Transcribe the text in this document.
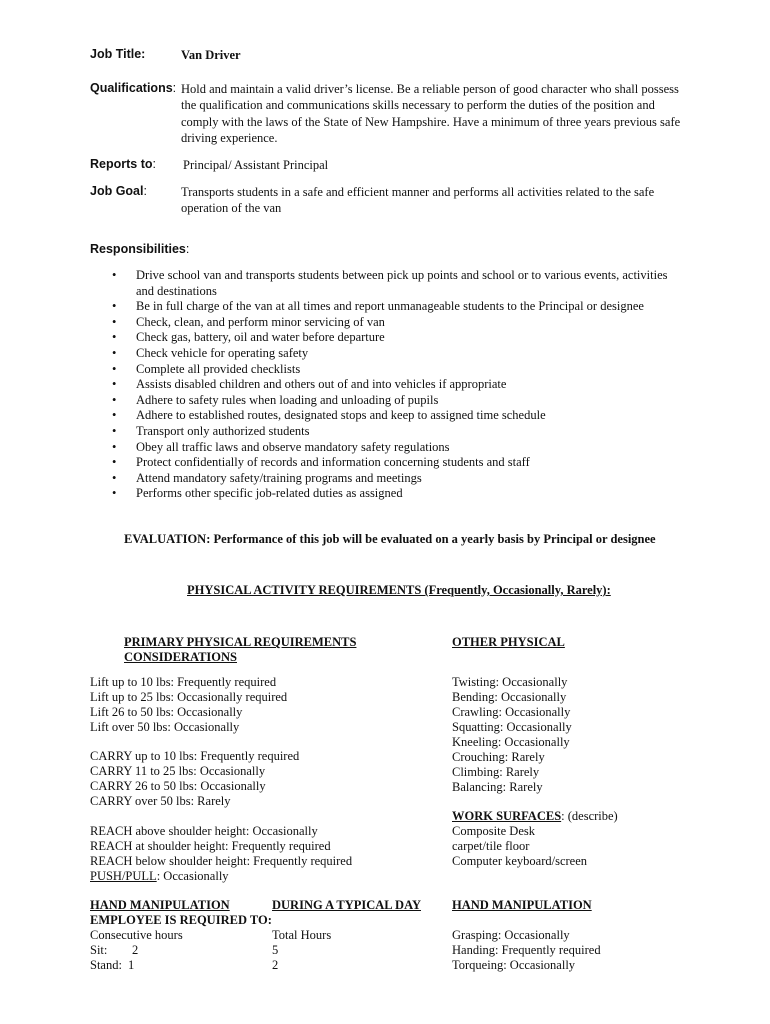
Job Title:	Van Driver
Qualifications: Hold and maintain a valid driver’s license. Be a reliable person of good character who shall possess the qualification and communications skills necessary to perform the duties of the position and comply with the laws of the State of New Hampshire. Have a minimum of three years previous safe driving experience.
Reports to: Principal/ Assistant Principal
Job Goal:	Transports students in a safe and efficient manner and performs all activities related to the safe operation of the van
Responsibilities:
• Drive school van and transports students between pick up points and school or to various events, activities and destinations
• Be in full charge of the van at all times and report unmanageable students to the Principal or designee
• Check, clean, and perform minor servicing of van
• Check gas, battery, oil and water before departure
• Check vehicle for operating safety
• Complete all provided checklists
• Assists disabled children and others out of and into vehicles if appropriate
• Adhere to safety rules when loading and unloading of pupils
• Adhere to established routes, designated stops and keep to assigned time schedule
• Transport only authorized students
• Obey all traffic laws and observe mandatory safety regulations
• Protect confidentially of records and information concerning students and staff
• Attend mandatory safety/training programs and meetings
• Performs other specific job-related duties as assigned
EVALUATION: Performance of this job will be evaluated on a yearly basis by Principal or designee
PHYSICAL ACTIVITY REQUIREMENTS (Frequently, Occasionally, Rarely):
PRIMARY PHYSICAL REQUIREMENTS
CONSIDERATIONS
OTHER PHYSICAL
Lift up to 10 lbs: Frequently required
Lift up to 25 lbs: Occasionally required
Lift 26 to 50 lbs: Occasionally
Lift over 50 lbs: Occasionally
Twisting: Occasionally
Bending: Occasionally
Crawling: Occasionally
Squatting: Occasionally
Kneeling: Occasionally
Crouching: Rarely
Climbing: Rarely
Balancing: Rarely
CARRY up to 10 lbs: Frequently required
CARRY 11 to 25 lbs: Occasionally
CARRY 26 to 50 lbs: Occasionally
CARRY over 50 lbs: Rarely
WORK SURFACES: (describe)
Composite Desk
carpet/tile floor
Computer keyboard/screen
REACH above shoulder height: Occasionally
REACH at shoulder height: Frequently required
REACH below shoulder height: Frequently required
PUSH/PULL: Occasionally
HAND MANIPULATION	DURING A TYPICAL DAY
EMPLOYEE IS REQUIRED TO:
HAND MANIPULATION
Grasping: Occasionally
Handing: Frequently required
Torqueing: Occasionally
Consecutive hours	Total Hours
Sit: 2	5
Stand: 1	2
